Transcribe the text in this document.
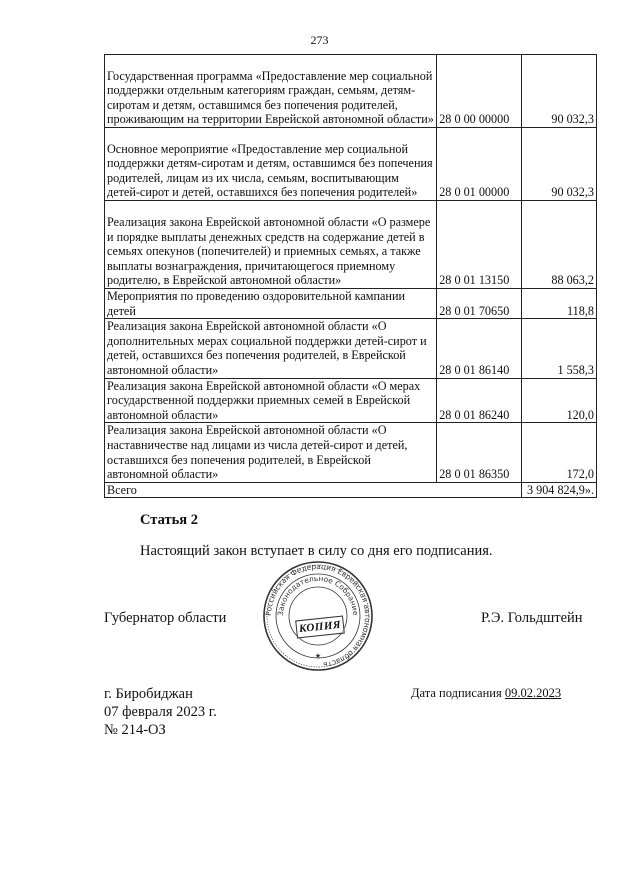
273
Государственная программа «Предоставление мер социальной поддержки отдельным категориям граждан, семьям, детям-сиротам и детям, оставшимся без попечения родителей, проживающим на территории Еврейской автономной области»	28 0 00 00000	90 032,3
Основное мероприятие «Предоставление мер социальной поддержки детям-сиротам и детям, оставшимся без попечения родителей, лицам из их числа, семьям, воспитывающим детей-сирот и детей, оставшихся без попечения родителей»	28 0 01 00000	90 032,3
Реализация закона Еврейской автономной области «О размере и порядке выплаты денежных средств на содержание детей в семьях опекунов (попечителей) и приемных семьях, а также выплаты вознаграждения, причитающегося приемному родителю, в Еврейской автономной области»	28 0 01 13150	88 063,2
Мероприятия по проведению оздоровительной кампании детей	28 0 01 70650	118,8
Реализация закона Еврейской автономной области «О дополнительных мерах социальной поддержки детей-сирот и детей, оставшихся без попечения родителей, в Еврейской автономной области»	28 0 01 86140	1 558,3
Реализация закона Еврейской автономной области «О мерах государственной поддержки приемных семей в Еврейской автономной области»	28 0 01 86240	120,0
Реализация закона Еврейской автономной области «О наставничестве над лицами из числа детей-сирот и детей, оставшихся без попечения родителей, в Еврейской автономной области»	28 0 01 86350	172,0
Всего		3 904 824,9».
Статья 2
Настоящий закон вступает в силу со дня его подписания.
Губернатор области	Р.Э. Гольдштейн
Российская Федерация Еврейская автономная область
Законодательное Собрание
★
КОПИЯ
г. Биробиджан
07 февраля 2023 г.
№ 214-ОЗ
Дата подписания 09.02.2023
